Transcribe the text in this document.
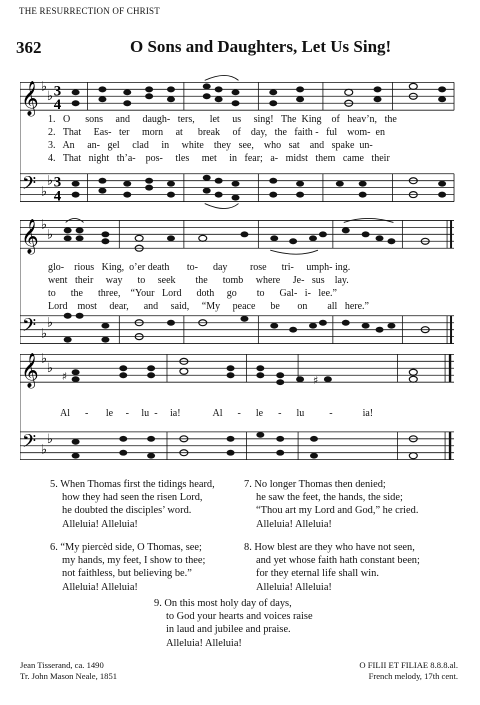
THE RESURRECTION OF CHRIST
362	O Sons and Daughters, Let Us Sing!
𝄞
𝄢
♭
♭
♭
♭
3
4
3
4
1. O sons and daugh- ters, let us sing! The King of heav’n, the
2. That Eas- ter morn at break of day, the faith - ful wom- en
3. An an- gel clad in white they see, who sat and spake un-
4. That night th’a- pos- tles met in fear; a- midst them came their
𝄞
𝄢
♭
♭
♭
♭
glo- rious King, o’er death to- day rose tri- umph- ing.
went their way to seek the tomb where Je- sus lay.
to the three, “Your Lord doth go to Gal- i- lee.”
Lord most dear, and said, “My peace be on all here.”
𝄞
𝄢
♭
♭
♭
♭
♯	♯
Al - le - lu - ia!	Al - le - lu	-	ia!
5. When Thomas first the tidings heard,
how they had seen the risen Lord,
he doubted the disciples’ word.
Alleluia! Alleluia!
6. “My piercèd side, O Thomas, see;
my hands, my feet, I show to thee;
not faithless, but believing be.”
Alleluia! Alleluia!
7. No longer Thomas then denied;
he saw the feet, the hands, the side;
“Thou art my Lord and God,” he cried.
Alleluia! Alleluia!
8. How blest are they who have not seen,
and yet whose faith hath constant been;
for they eternal life shall win.
Alleluia! Alleluia!
9. On this most holy day of days,
to God your hearts and voices raise
in laud and jubilee and praise.
Alleluia! Alleluia!
Jean Tisserand, ca. 1490
Tr. John Mason Neale, 1851
O FILII ET FILIAE 8.8.8.al.
French melody, 17th cent.
